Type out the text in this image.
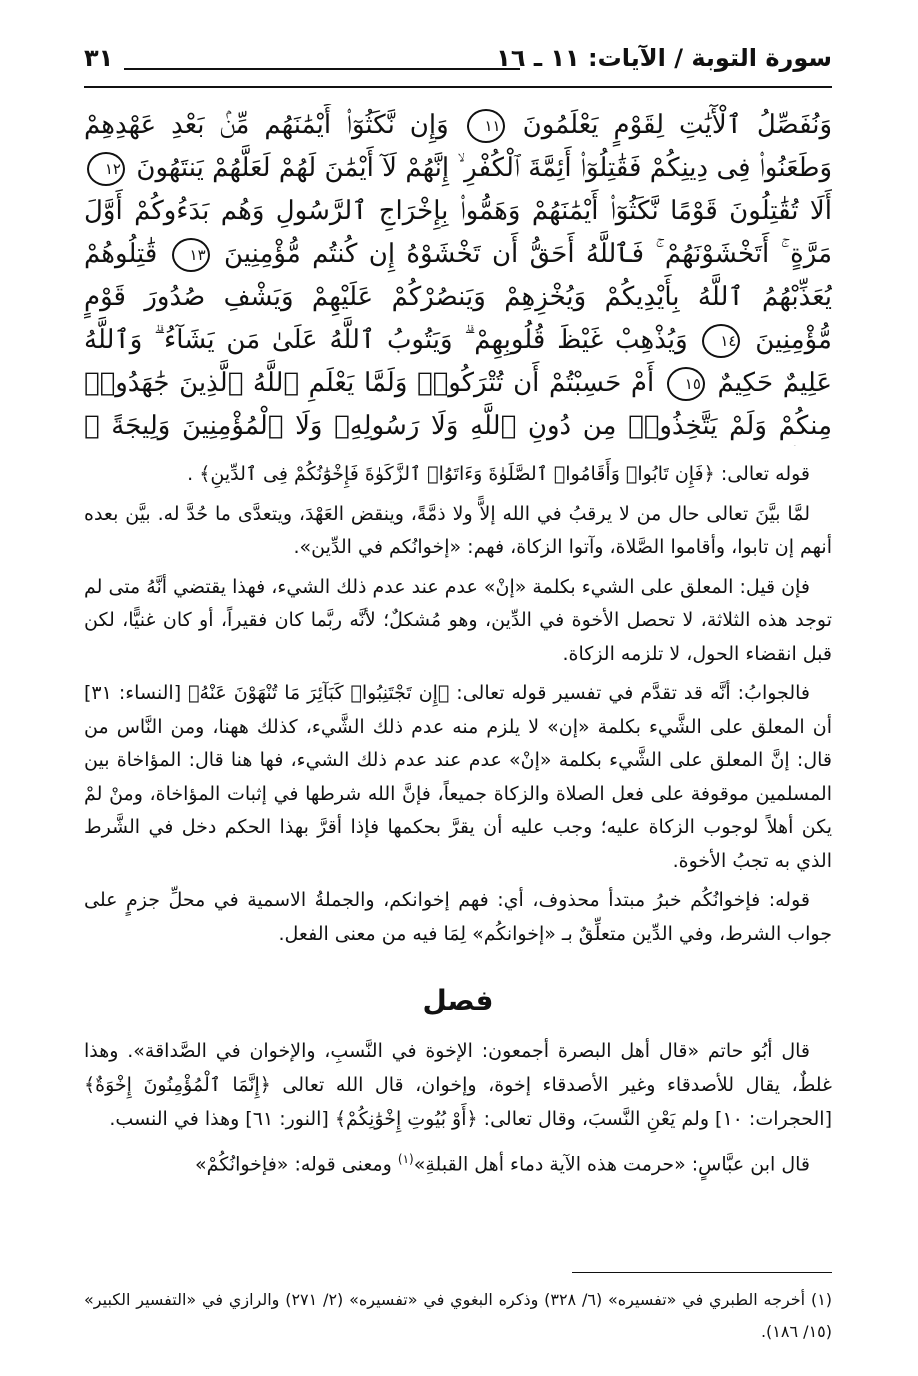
سورة التوبة / الآيات: ١١ ـ ١٦
٣١
وَنُفَصِّلُ ٱلْأٓيَٰتِ لِقَوْمٍ يَعْلَمُونَ ١١ وَإِن نَّكَثُوٓا۟ أَيْمَٰنَهُم مِّنۢ بَعْدِ عَهْدِهِمْ وَطَعَنُوا۟ فِى دِينِكُمْ فَقَٰتِلُوٓا۟ أَئِمَّةَ ٱلْكُفْرِ ۙ إِنَّهُمْ لَآ أَيْمَٰنَ لَهُمْ لَعَلَّهُمْ يَنتَهُونَ ١٢ أَلَا تُقَٰتِلُونَ قَوْمًا نَّكَثُوٓا۟ أَيْمَٰنَهُمْ وَهَمُّوا۟ بِإِخْرَاجِ ٱلرَّسُولِ وَهُم بَدَءُوكُمْ أَوَّلَ مَرَّةٍ ۚ أَتَخْشَوْنَهُمْ ۚ فَٱللَّهُ أَحَقُّ أَن تَخْشَوْهُ إِن كُنتُم مُّؤْمِنِينَ ١٣ قَٰتِلُوهُمْ يُعَذِّبْهُمُ ٱللَّهُ بِأَيْدِيكُمْ وَيُخْزِهِمْ وَيَنصُرْكُمْ عَلَيْهِمْ وَيَشْفِ صُدُورَ قَوْمٍ مُّؤْمِنِينَ ١٤ وَيُذْهِبْ غَيْظَ قُلُوبِهِمْ ۗ وَيَتُوبُ ٱللَّهُ عَلَىٰ مَن يَشَآءُ ۗ وَٱللَّهُ عَلِيمٌ حَكِيمٌ ١٥ أَمْ حَسِبْتُمْ أَن تُتْرَكُوا۟ وَلَمَّا يَعْلَمِ ٱللَّهُ ٱلَّذِينَ جَٰهَدُوا۟ مِنكُمْ وَلَمْ يَتَّخِذُوا۟ مِن دُونِ ٱللَّهِ وَلَا رَسُولِهِۦ وَلَا ٱلْمُؤْمِنِينَ وَلِيجَةً ۚ

قوله تعالى: ﴿فَإِن تَابُوا۟ وَأَقَامُوا۟ ٱلصَّلَوٰةَ وَءَاتَوُا۟ ٱلزَّكَوٰةَ فَإِخْوَٰنُكُمْ فِى ٱلدِّينِ﴾ .

لمَّا بيَّنَ تعالى حال من لا يرقبُ في الله إلاًّ ولا ذمَّةً، وينقض العَهْدَ، ويتعدَّى ما حُدَّ له. بيَّن بعده أنهم إن تابوا، وأقاموا الصَّلاة، وآتوا الزكاة، فهم: «إخوانُكم في الدِّين».

فإن قيل: المعلق على الشيء بكلمة «إنْ» عدم عند عدم ذلك الشيء، فهذا يقتضي أنَّهُ متى لم توجد هذه الثلاثة، لا تحصل الأخوة في الدِّين، وهو مُشكلٌ؛ لأنَّه ربَّما كان فقيراً، أو كان غنيًّا، لكن قبل انقضاء الحول، لا تلزمه الزكاة.

فالجوابُ: أنَّه قد تقدَّم في تفسير قوله تعالى: ﴿إِن تَجْتَنِبُوا۟ كَبَآئِرَ مَا تُنْهَوْنَ عَنْهُ﴾ [النساء: ٣١] أن المعلق على الشَّيء بكلمة «إن» لا يلزم منه عدم ذلك الشَّيء، كذلك ههنا، ومن النَّاس من قال: إنَّ المعلق على الشَّيء بكلمة «إنْ» عدم عند عدم ذلك الشيء، فها هنا قال: المؤاخاة بين المسلمين موقوفة على فعل الصلاة والزكاة جميعاً، فإنَّ الله شرطها في إثبات المؤاخاة، ومنْ لمْ يكن أهلاً لوجوب الزكاة عليه؛ وجب عليه أن يقرَّ بحكمها فإذا أقرَّ بهذا الحكم دخل في الشَّرط الذي به تجبُ الأخوة.

قوله: فإخوانُكُم خبرُ مبتدأ محذوف، أي: فهم إخوانكم، والجملةُ الاسمية في محلِّ جزمٍ على جواب الشرط، وفي الدِّين متعلِّقٌ بـ «إخوانكُم» لِمَا فيه من معنى الفعل.

فصل

قال أبُو حاتم «قال أهل البصرة أجمعون: الإخوة في النَّسبِ، والإخوان في الصَّداقة». وهذا غلطٌ، يقال للأصدقاء وغير الأصدقاء إخوة، وإخوان، قال الله تعالى ﴿إِنَّمَا ٱلْمُؤْمِنُونَ إِخْوَةٌ﴾ [الحجرات: ١٠] ولم يَعْنِ النَّسبَ، وقال تعالى: ﴿أَوْ بُيُوتِ إِخْوَٰنِكُمْ﴾ [النور: ٦١] وهذا في النسب.

قال ابن عبَّاسٍ: «حرمت هذه الآية دماء أهل القبلةِ»$^{(١)}$ ومعنى قوله: «فإخوانُكُمْ»

(١) أخرجه الطبري في «تفسيره» (٦/ ٣٢٨) وذكره البغوي في «تفسيره» (٢/ ٢٧١) والرازي في «التفسير الكبير» (١٥/ ١٨٦).
